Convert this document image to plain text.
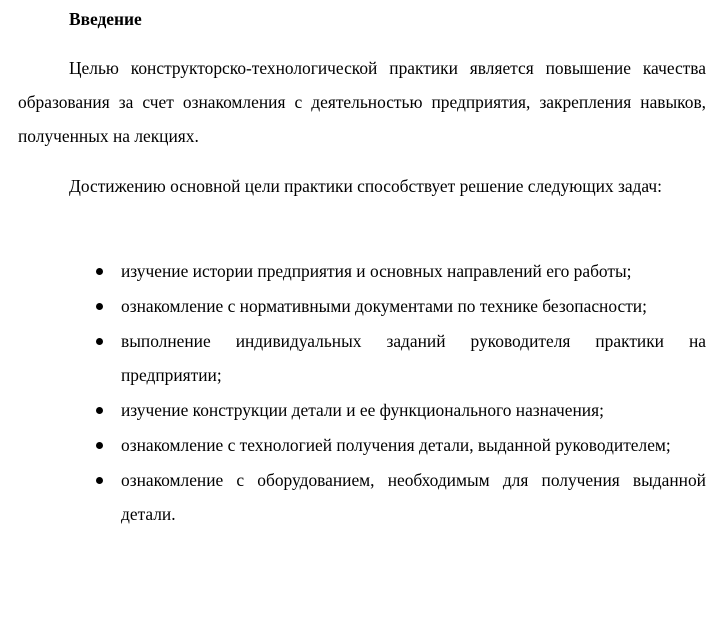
Введение

Целью конструкторско-технологической практики является повышение качества образования за счет ознакомления с деятельностью предприятия, закрепления навыков, полученных на лекциях.

Достижению основной цели практики способствует решение следующих задач:

изучение истории предприятия и основных направлений его работы;
ознакомление с нормативными документами по технике безопасности;
выполнение индивидуальных заданий руководителя практики на предприятии;
изучение конструкции детали и ее функционального назначения;
ознакомление с технологией получения детали, выданной руководителем;
ознакомление с оборудованием, необходимым для получения выданной детали.
